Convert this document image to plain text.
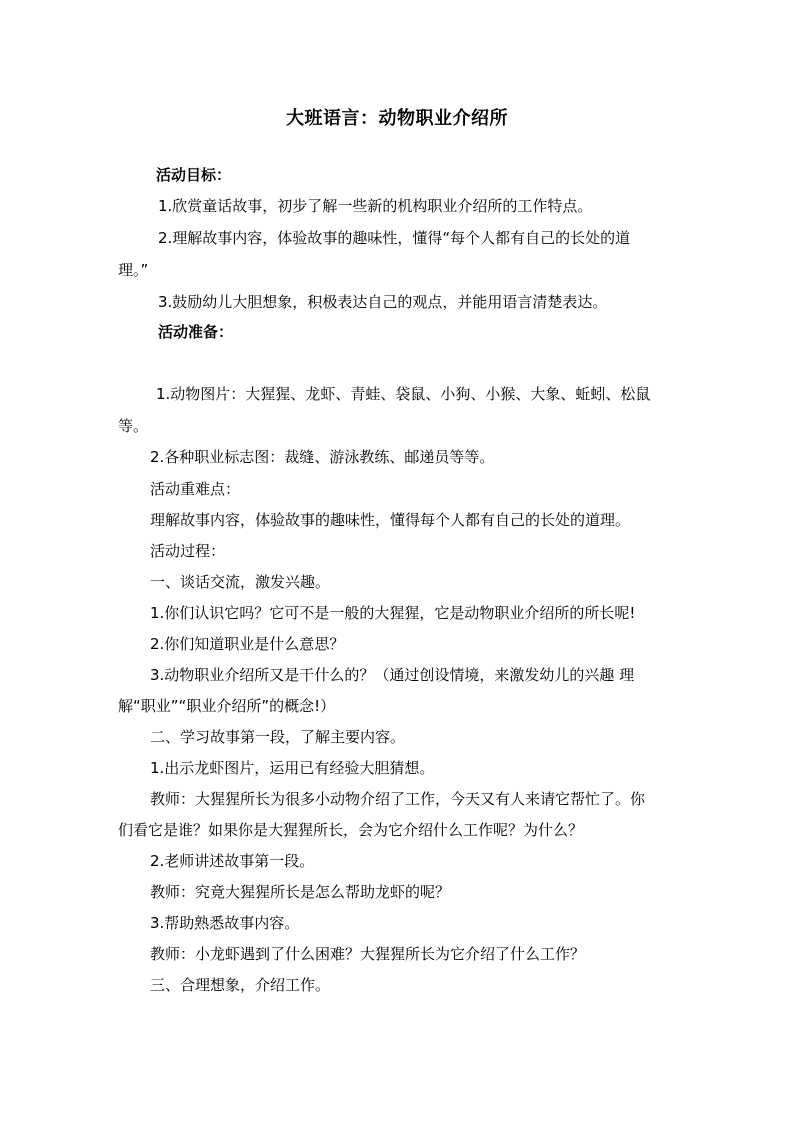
大班语言：动物职业介绍所
活动目标：
1.欣赏童话故事，初步了解一些新的机构职业介绍所的工作特点。
2.理解故事内容，体验故事的趣味性，懂得“每个人都有自己的长处的道
理。”
3.鼓励幼儿大胆想象，积极表达自己的观点，并能用语言清楚表达。
活动准备：
1.动物图片：大猩猩、龙虾、青蛙、袋鼠、小狗、小猴、大象、蚯蚓、松鼠
等。
2.各种职业标志图：裁缝、游泳教练、邮递员等等。
活动重难点：
理解故事内容，体验故事的趣味性，懂得每个人都有自己的长处的道理。
活动过程：
一、谈话交流，激发兴趣。
1.你们认识它吗？它可不是一般的大猩猩，它是动物职业介绍所的所长呢!
2.你们知道职业是什么意思？
3.动物职业介绍所又是干什么的？（通过创设情境，来激发幼儿的兴趣 理
解“职业”“职业介绍所”的概念!）
二、学习故事第一段，了解主要内容。
1.出示龙虾图片，运用已有经验大胆猜想。
教师：大猩猩所长为很多小动物介绍了工作，今天又有人来请它帮忙了。你
们看它是谁？如果你是大猩猩所长，会为它介绍什么工作呢？为什么？
2.老师讲述故事第一段。
教师：究竟大猩猩所长是怎么帮助龙虾的呢？
3.帮助熟悉故事内容。
教师：小龙虾遇到了什么困难？大猩猩所长为它介绍了什么工作？
三、合理想象，介绍工作。
